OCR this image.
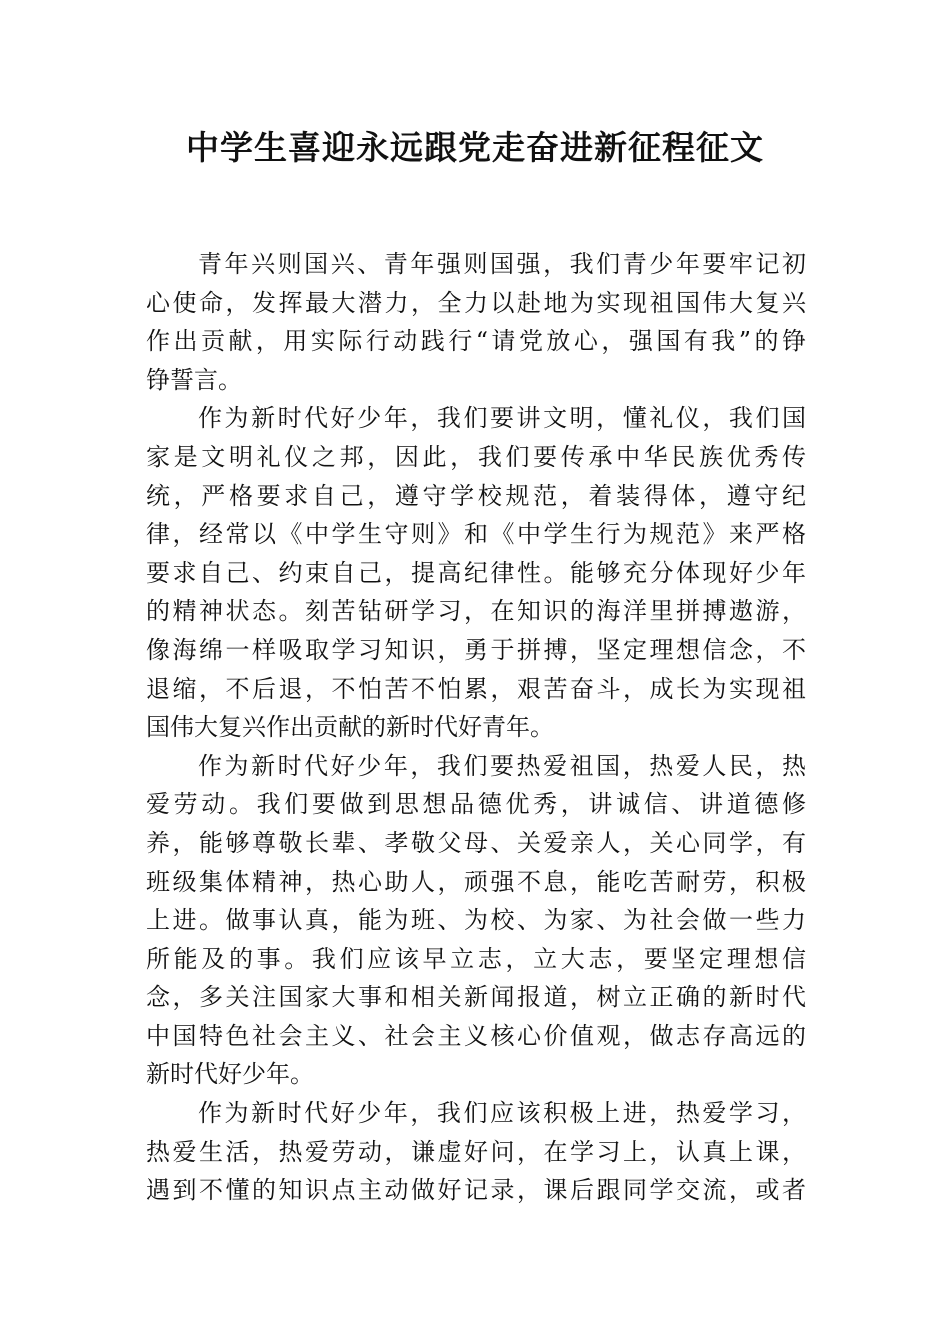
中学生喜迎永远跟党走奋进新征程征文
青年兴则国兴、青年强则国强，我们青少年要牢记初
心使命，发挥最大潜力，全力以赴地为实现祖国伟大复兴
作出贡献，用实际行动践行“请党放心，强国有我”的铮
铮誓言。
作为新时代好少年，我们要讲文明，懂礼仪，我们国
家是文明礼仪之邦，因此，我们要传承中华民族优秀传
统，严格要求自己，遵守学校规范，着装得体，遵守纪
律，经常以《中学生守则》和《中学生行为规范》来严格
要求自己、约束自己，提高纪律性。能够充分体现好少年
的精神状态。刻苦钻研学习，在知识的海洋里拼搏遨游，
像海绵一样吸取学习知识，勇于拼搏，坚定理想信念，不
退缩，不后退，不怕苦不怕累，艰苦奋斗，成长为实现祖
国伟大复兴作出贡献的新时代好青年。
作为新时代好少年，我们要热爱祖国，热爱人民，热
爱劳动。我们要做到思想品德优秀，讲诚信、讲道德修
养，能够尊敬长辈、孝敬父母、关爱亲人，关心同学，有
班级集体精神，热心助人，顽强不息，能吃苦耐劳，积极
上进。做事认真，能为班、为校、为家、为社会做一些力
所能及的事。我们应该早立志，立大志，要坚定理想信
念，多关注国家大事和相关新闻报道，树立正确的新时代
中国特色社会主义、社会主义核心价值观，做志存高远的
新时代好少年。
作为新时代好少年，我们应该积极上进，热爱学习，
热爱生活，热爱劳动，谦虚好问，在学习上，认真上课，
遇到不懂的知识点主动做好记录，课后跟同学交流，或者
